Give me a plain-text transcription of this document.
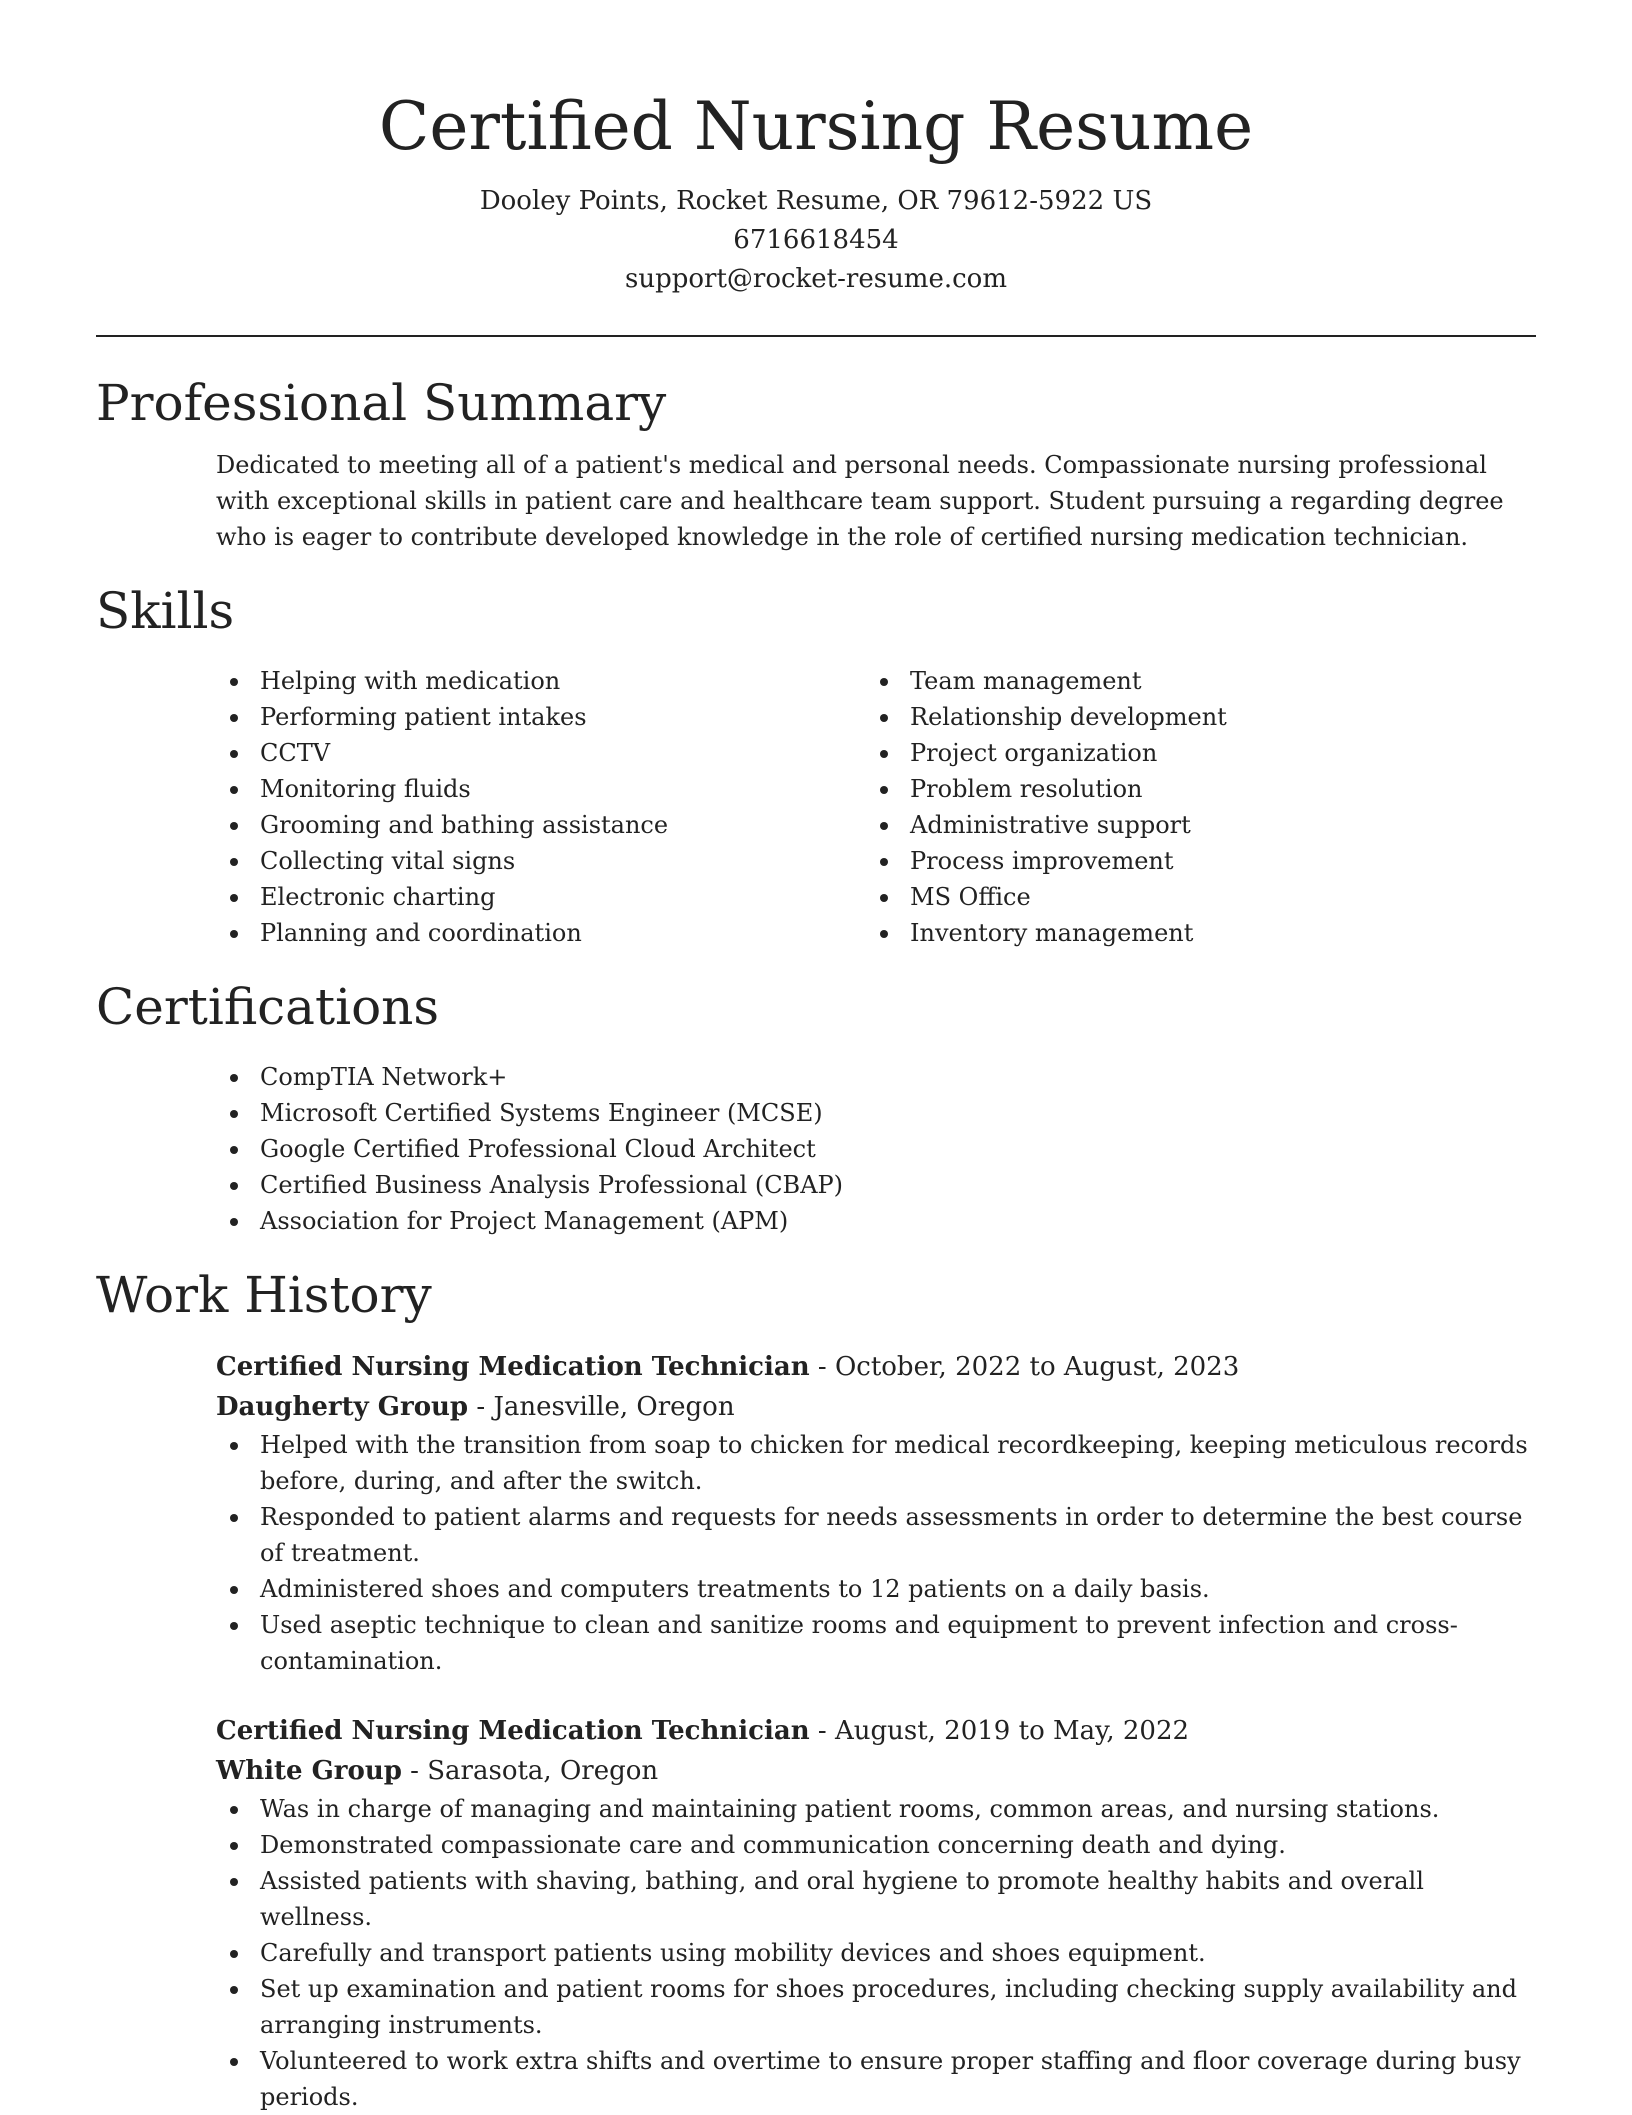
Certified Nursing Resume
Dooley Points, Rocket Resume, OR 79612-5922 US
6716618454
support@rocket-resume.com
Professional Summary

Dedicated to meeting all of a patient's medical and personal needs. Compassionate nursing professional with exceptional skills in patient care and healthcare team support. Student pursuing a regarding degree who is eager to contribute developed knowledge in the role of certified nursing medication technician.

Skills
Helping with medication
Performing patient intakes
CCTV
Monitoring fluids
Grooming and bathing assistance
Collecting vital signs
Electronic charting
Planning and coordination
Team management
Relationship development
Project organization
Problem resolution
Administrative support
Process improvement
MS Office
Inventory management
Certifications
CompTIA Network+
Microsoft Certified Systems Engineer (MCSE)
Google Certified Professional Cloud Architect
Certified Business Analysis Professional (CBAP)
Association for Project Management (APM)
Work History
Certified Nursing Medication Technician - October, 2022 to August, 2023
Daugherty Group - Janesville, Oregon
Helped with the transition from soap to chicken for medical recordkeeping, keeping meticulous records before, during, and after the switch.
Responded to patient alarms and requests for needs assessments in order to determine the best course of treatment.
Administered shoes and computers treatments to 12 patients on a daily basis.
Used aseptic technique to clean and sanitize rooms and equipment to prevent infection and cross-contamination.
Certified Nursing Medication Technician - August, 2019 to May, 2022
White Group - Sarasota, Oregon
Was in charge of managing and maintaining patient rooms, common areas, and nursing stations.
Demonstrated compassionate care and communication concerning death and dying.
Assisted patients with shaving, bathing, and oral hygiene to promote healthy habits and overall wellness.
Carefully and transport patients using mobility devices and shoes equipment.
Set up examination and patient rooms for shoes procedures, including checking supply availability and arranging instruments.
Volunteered to work extra shifts and overtime to ensure proper staffing and floor coverage during busy periods.
